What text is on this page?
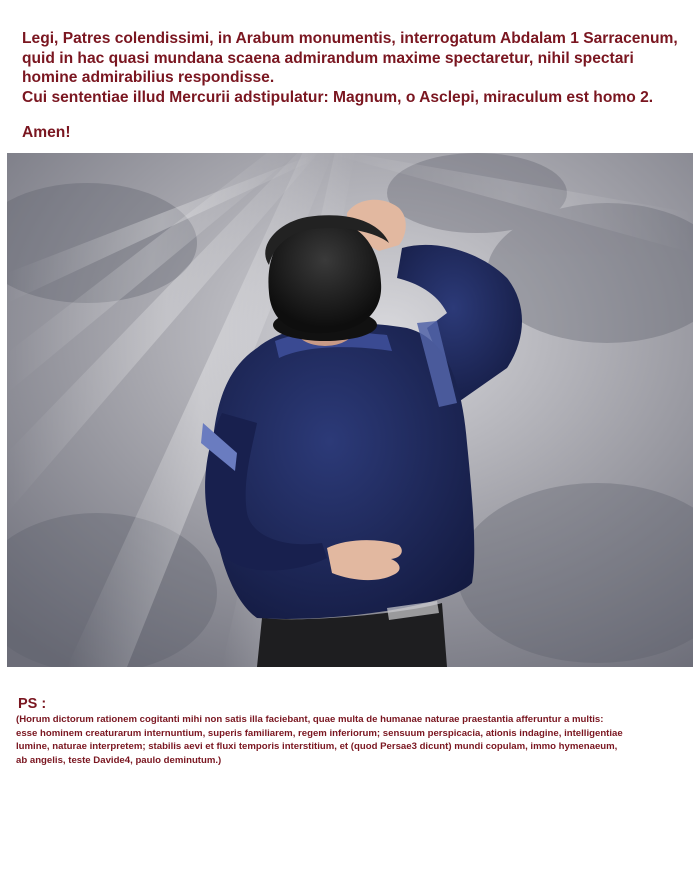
Legi, Patres colendissimi, in Arabum monumentis, interrogatum Abdalam 1 Sarracenum,

quid in hac quasi mundana scaena admirandum maxime spectaretur, nihil spectari

homine admirabilius respondisse.

Cui sententiae illud Mercurii adstipulatur: Magnum, o Asclepi, miraculum est homo 2.

Amen!

PS :

(Horum dictorum rationem cogitanti mihi non satis illa faciebant, quae multa de humanae naturae praestantia afferuntur a multis:
esse hominem creaturarum internuntium, superis familiarem, regem inferiorum; sensuum perspicacia, ationis indagine, intelligentiae
lumine, naturae interpretem; stabilis aevi et fluxi temporis interstitium, et (quod Persae3 dicunt) mundi copulam, immo hymenaeum,
ab angelis, teste Davide4, paulo deminutum.)
